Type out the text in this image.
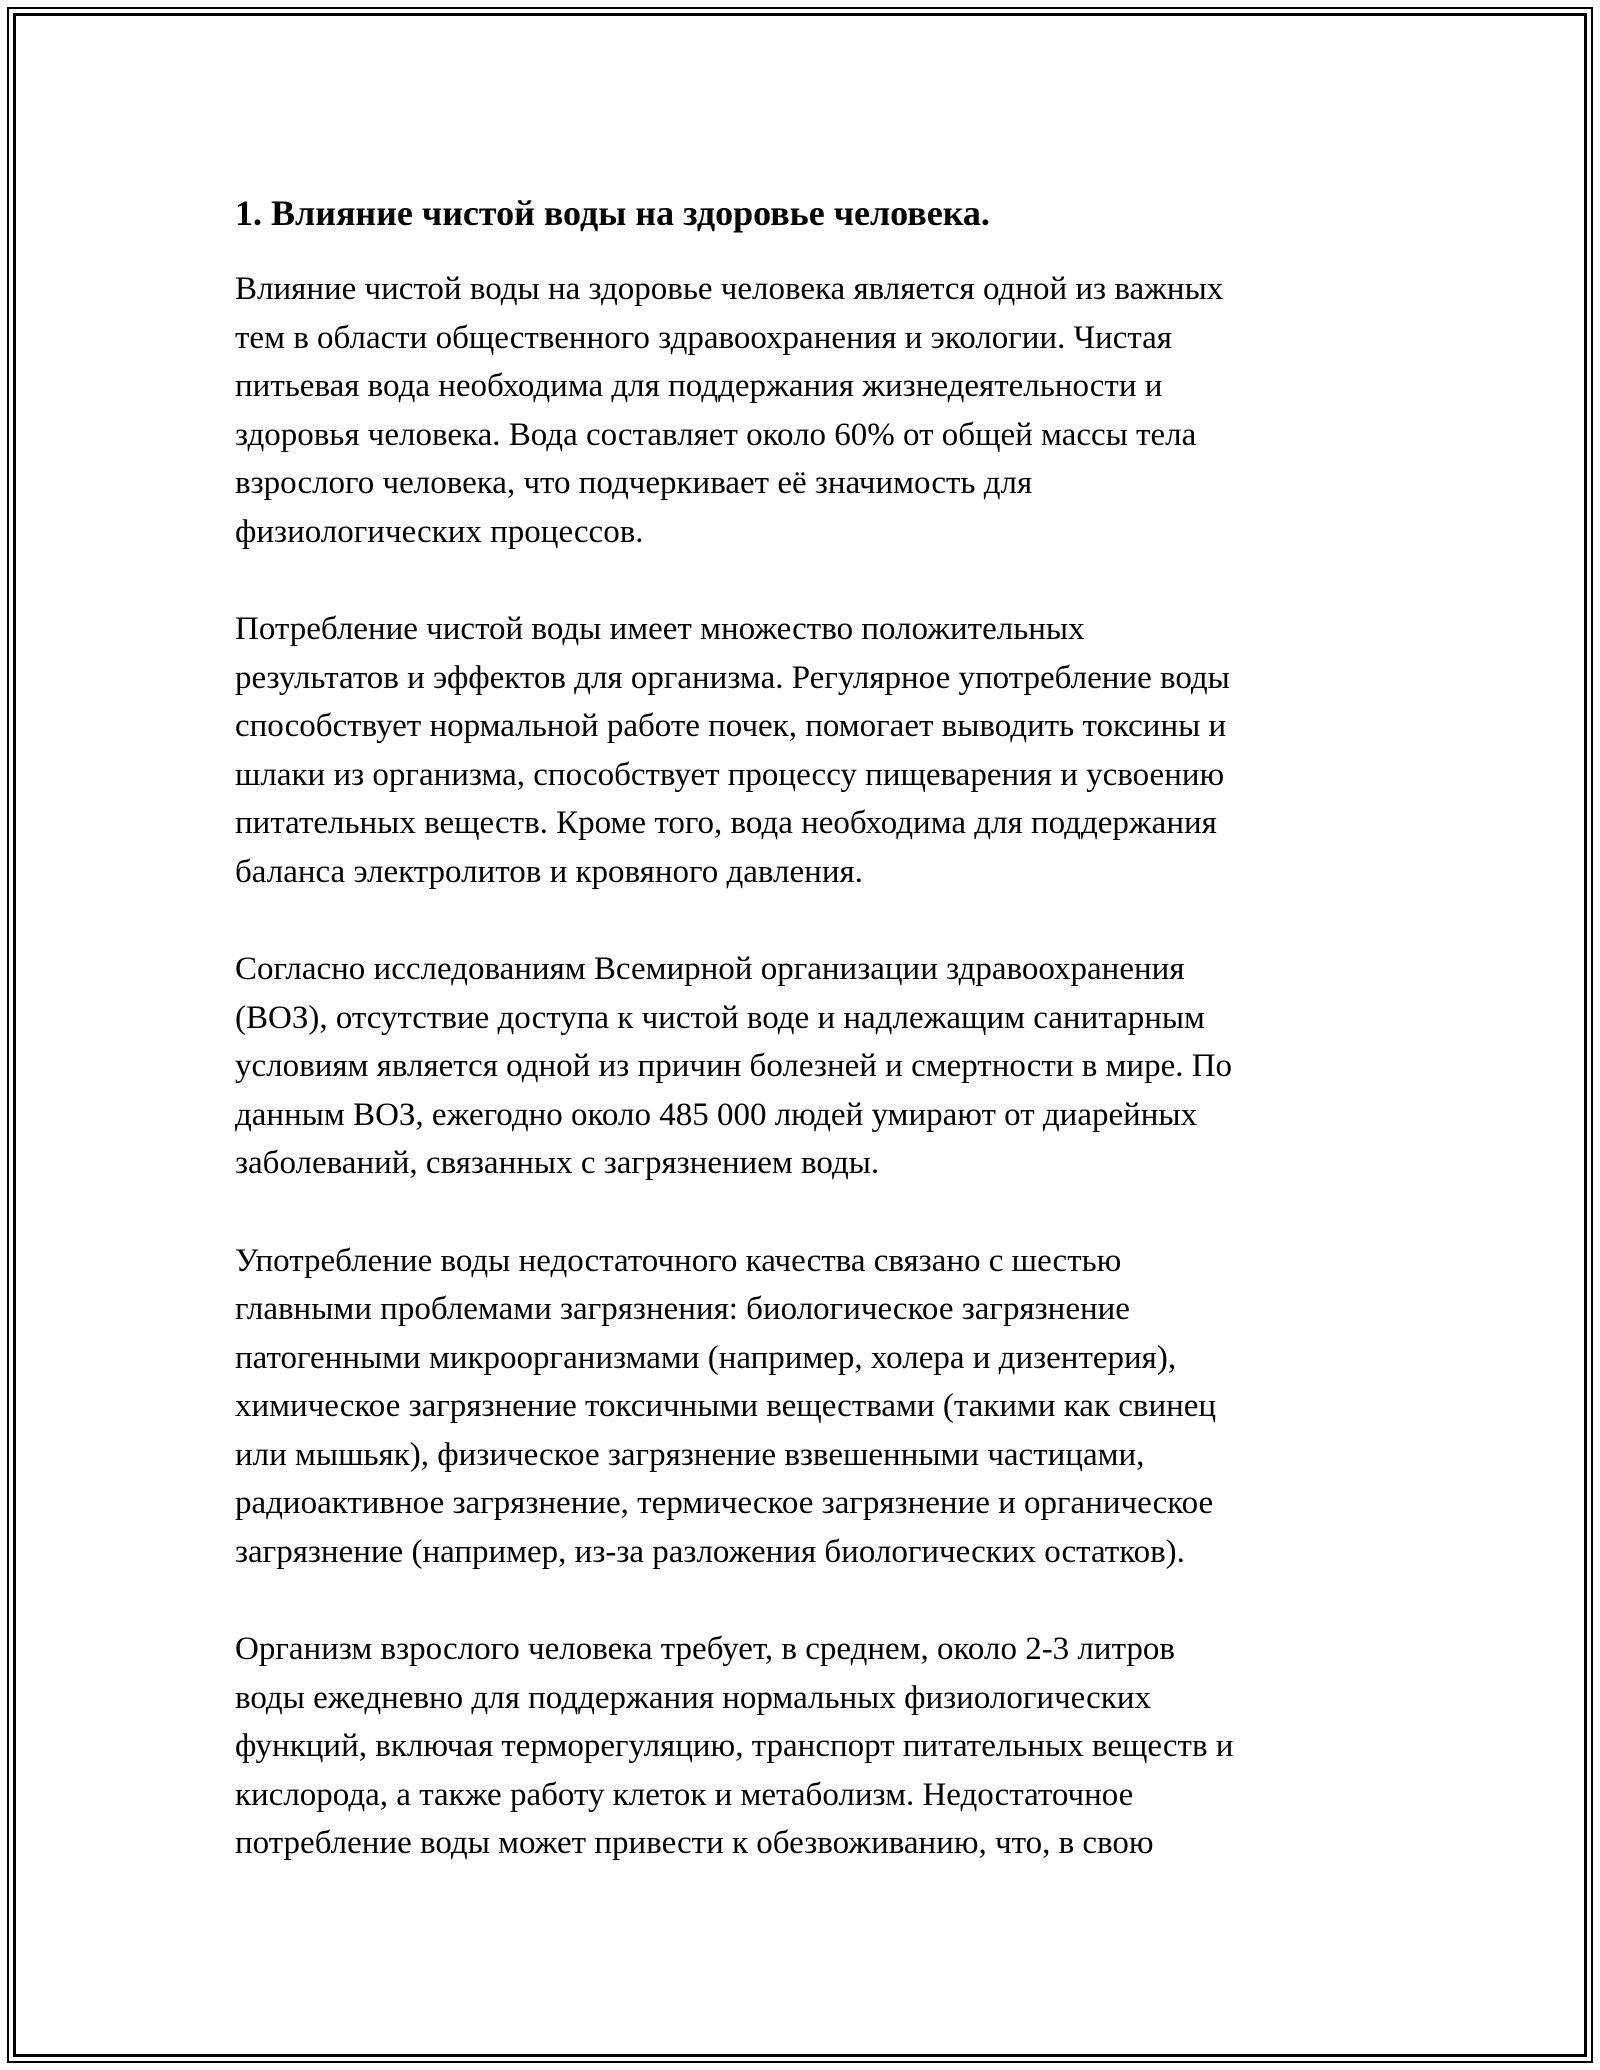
1. Влияние чистой воды на здоровье человека.
Влияние чистой воды на здоровье человека является одной из важных
тем в области общественного здравоохранения и экологии. Чистая
питьевая вода необходима для поддержания жизнедеятельности и
здоровья человека. Вода составляет около 60% от общей массы тела
взрослого человека, что подчеркивает её значимость для
физиологических процессов.
Потребление чистой воды имеет множество положительных
результатов и эффектов для организма. Регулярное употребление воды
способствует нормальной работе почек, помогает выводить токсины и
шлаки из организма, способствует процессу пищеварения и усвоению
питательных веществ. Кроме того, вода необходима для поддержания
баланса электролитов и кровяного давления.
Согласно исследованиям Всемирной организации здравоохранения
(ВОЗ), отсутствие доступа к чистой воде и надлежащим санитарным
условиям является одной из причин болезней и смертности в мире. По
данным ВОЗ, ежегодно около 485 000 людей умирают от диарейных
заболеваний, связанных с загрязнением воды.
Употребление воды недостаточного качества связано с шестью
главными проблемами загрязнения: биологическое загрязнение
патогенными микроорганизмами (например, холера и дизентерия),
химическое загрязнение токсичными веществами (такими как свинец
или мышьяк), физическое загрязнение взвешенными частицами,
радиоактивное загрязнение, термическое загрязнение и органическое
загрязнение (например, из-за разложения биологических остатков).
Организм взрослого человека требует, в среднем, около 2-3 литров
воды ежедневно для поддержания нормальных физиологических
функций, включая терморегуляцию, транспорт питательных веществ и
кислорода, а также работу клеток и метаболизм. Недостаточное
потребление воды может привести к обезвоживанию, что, в свою
